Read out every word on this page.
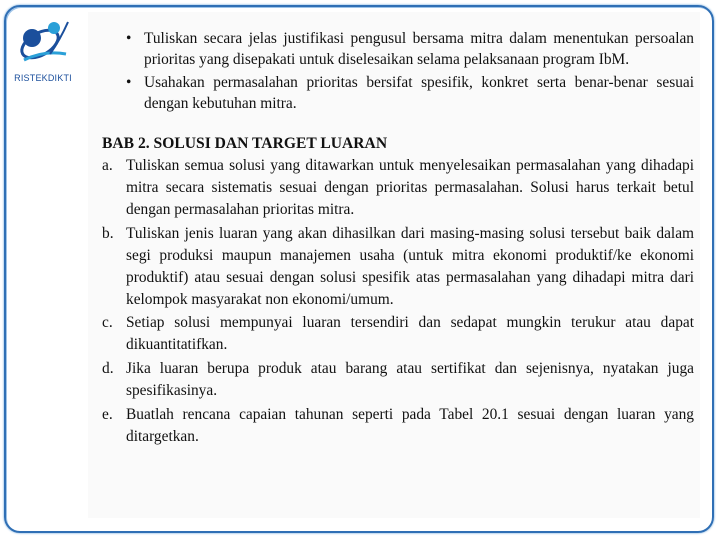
RISTEKDIKTI
• Tuliskan secara jelas justifikasi pengusul bersama mitra dalam menentukan persoalan
prioritas yang disepakati untuk diselesaikan selama pelaksanaan program IbM.
• Usahakan permasalahan prioritas bersifat spesifik, konkret serta benar-benar sesuai
dengan kebutuhan mitra.
BAB 2. SOLUSI DAN TARGET LUARAN
a. Tuliskan semua solusi yang ditawarkan untuk menyelesaikan permasalahan yang dihadapi
mitra secara sistematis sesuai dengan prioritas permasalahan. Solusi harus terkait betul
dengan permasalahan prioritas mitra.
b. Tuliskan jenis luaran yang akan dihasilkan dari masing-masing solusi tersebut baik dalam
segi produksi maupun manajemen usaha (untuk mitra ekonomi produktif/ke ekonomi
produktif) atau sesuai dengan solusi spesifik atas permasalahan yang dihadapi mitra dari
kelompok masyarakat non ekonomi/umum.
c. Setiap solusi mempunyai luaran tersendiri dan sedapat mungkin terukur atau dapat
dikuantitatifkan.
d. Jika luaran berupa produk atau barang atau sertifikat dan sejenisnya, nyatakan juga
spesifikasinya.
e. Buatlah rencana capaian tahunan seperti pada Tabel 20.1 sesuai dengan luaran yang
ditargetkan.
